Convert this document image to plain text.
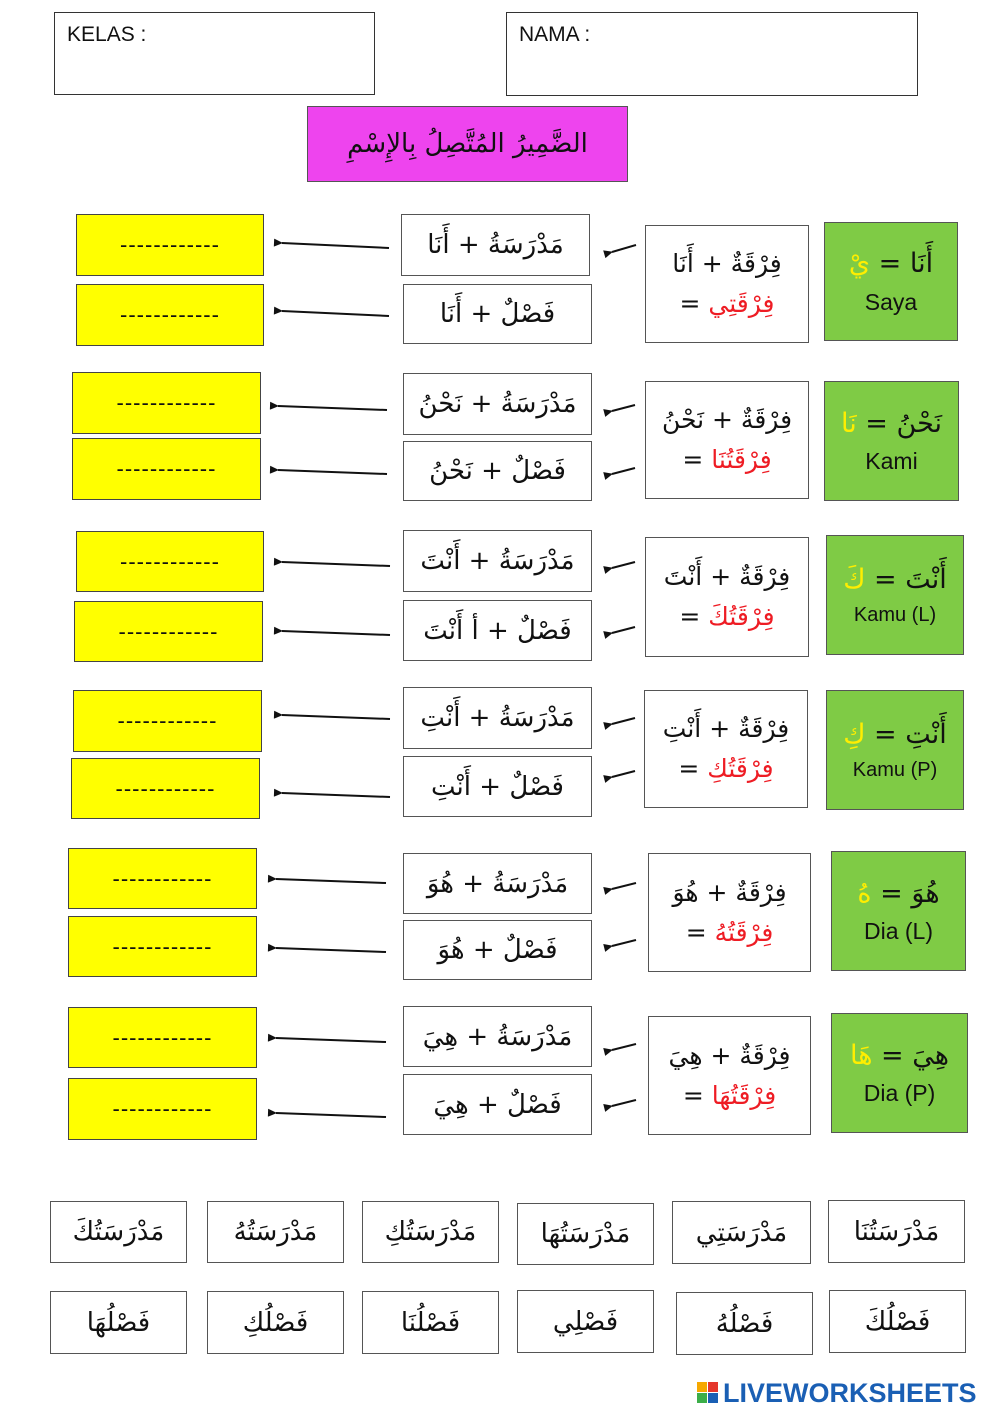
KELAS :	NAMA :
الضَّمِيرُ المُتَّصِلُ بِالإِسْمِ
------------
------------
مَدْرَسَةُ + أَنَا
فَصْلٌ + أَنَا
فِرْقَةٌ + أَنَا
فِرْقَتِي =
أَنَا = يْ
Saya
------------
------------
مَدْرَسَةُ + نَحْنُ
فَصْلٌ + نَحْنُ
فِرْقَةٌ + نَحْنُ
فِرْقَتُنَا =
نَحْنُ = نَا
Kami
------------
------------
مَدْرَسَةُ + أَنْتَ
فَصْلٌ + أ أَنْتَ
فِرْقَةٌ + أَنْتَ
فِرْقَتُكَ =
أَنْتَ = كَ
Kamu (L)
------------
------------
مَدْرَسَةُ + أَنْتِ
فَصْلٌ + أَنْتِ
فِرْقَةٌ + أَنْتِ
فِرْقَتُكِ =
أَنْتِ = كِ
Kamu (P)
------------
------------
مَدْرَسَةُ + هُوَ
فَصْلٌ + هُوَ
فِرْقَةٌ + هُوَ
فِرْقَتُهُ =
هُوَ = هُ
Dia (L)
------------
------------
مَدْرَسَةُ + هِيَ
فَصْلٌ + هِيَ
فِرْقَةٌ + هِيَ
فِرْقَتُهَا =
هِيَ = هَا
Dia (P)
مَدْرَسَتُكَ	مَدْرَسَتُهُ	مَدْرَسَتُكِ	مَدْرَسَتُهَا	مَدْرَسَتِي	مَدْرَسَتُنَا
فَصْلُهَا	فَصْلُكِ	فَصْلُنَا	فَصْلِي	فَصْلُهُ	فَصْلُكَ
LIVEWORKSHEETS
